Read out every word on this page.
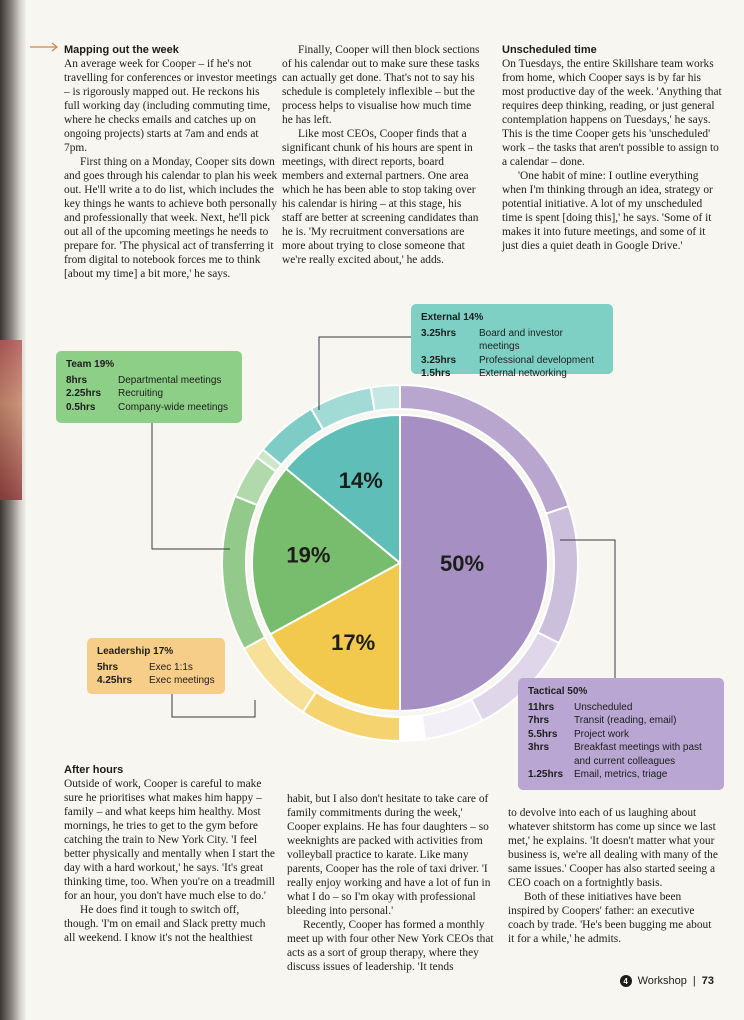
Mapping out the week

An average week for Cooper – if he's not travelling for conferences or investor meetings – is rigorously mapped out. He reckons his full working day (including commuting time, where he checks emails and catches up on ongoing projects) starts at 7am and ends at 7pm.

First thing on a Monday, Cooper sits down and goes through his calendar to plan his week out. He'll write a to do list, which includes the key things he wants to achieve both personally and professionally that week. Next, he'll pick out all of the upcoming meetings he needs to prepare for. 'The physical act of transferring it from digital to notebook forces me to think [about my time] a bit more,' he says.

Finally, Cooper will then block sections of his calendar out to make sure these tasks can actually get done. That's not to say his schedule is completely inflexible – but the process helps to visualise how much time he has left.

Like most CEOs, Cooper finds that a significant chunk of his hours are spent in meetings, with direct reports, board members and external partners. One area which he has been able to stop taking over his calendar is hiring – at this stage, his staff are better at screening candidates than he is. 'My recruitment conversations are more about trying to close someone that we're really excited about,' he adds.

Unscheduled time

On Tuesdays, the entire Skillshare team works from home, which Cooper says is by far his most productive day of the week. 'Anything that requires deep thinking, reading, or just general contemplation happens on Tuesdays,' he says. This is the time Cooper gets his 'unscheduled' work – the tasks that aren't possible to assign to a calendar – done.

'One habit of mine: I outline everything when I'm thinking through an idea, strategy or potential initiative. A lot of my unscheduled time is spent [doing this],' he says. 'Some of it makes it into future meetings, and some of it just dies a quiet death in Google Drive.'

50%
17%
19%
14%
External 14%
3.25hrs	Board and investor meetings
3.25hrs	Professional development
1.5hrs	External networking
Team 19%
8hrs	Departmental meetings
2.25hrs	Recruiting
0.5hrs	Company-wide meetings
Leadership 17%
5hrs	Exec 1:1s
4.25hrs	Exec meetings
Tactical 50%
11hrs	Unscheduled
7hrs	Transit (reading, email)
5.5hrs	Project work
3hrs	Breakfast meetings with past and current colleagues
1.25hrs	Email, metrics, triage
After hours

Outside of work, Cooper is careful to make sure he prioritises what makes him happy – family – and what keeps him healthy. Most mornings, he tries to get to the gym before catching the train to New York City. 'I feel better physically and mentally when I start the day with a hard workout,' he says. 'It's great thinking time, too. When you're on a treadmill for an hour, you don't have much else to do.'

He does find it tough to switch off, though. 'I'm on email and Slack pretty much all weekend. I know it's not the healthiest

habit, but I also don't hesitate to take care of family commitments during the week,' Cooper explains. He has four daughters – so weeknights are packed with activities from volleyball practice to karate. Like many parents, Cooper has the role of taxi driver. 'I really enjoy working and have a lot of fun in what I do – so I'm okay with professional bleeding into personal.'

Recently, Cooper has formed a monthly meet up with four other New York CEOs that acts as a sort of group therapy, where they discuss issues of leadership. 'It tends

to devolve into each of us laughing about whatever shitstorm has come up since we last met,' he explains. 'It doesn't matter what your business is, we're all dealing with many of the same issues.' Cooper has also started seeing a CEO coach on a fortnightly basis.

Both of these initiatives have been inspired by Coopers' father: an executive coach by trade. 'He's been bugging me about it for a while,' he admits.

4 Workshop | 73
